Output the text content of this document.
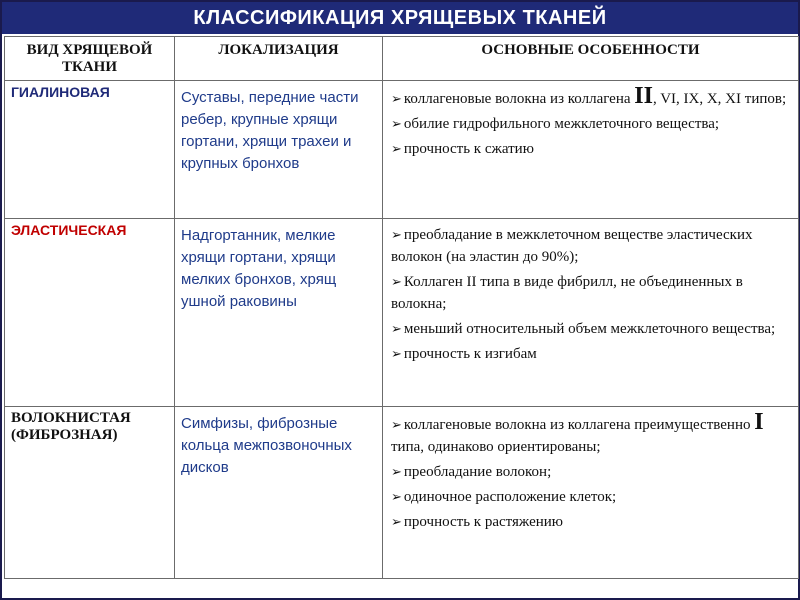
КЛАССИФИКАЦИЯ ХРЯЩЕВЫХ ТКАНЕЙ
ВИД ХРЯЩЕВОЙ ТКАНИ	ЛОКАЛИЗАЦИЯ	ОСНОВНЫЕ ОСОБЕННОСТИ
ГИАЛИНОВАЯ	Суставы, передние части ребер, крупные хрящи гортани, хрящи трахеи и крупных бронхов	➢ коллагеновые волокна из коллагена II, VI, IX, X, XI типов;
➢ обилие гидрофильного межклеточного вещества;
➢ прочность к сжатию

ЭЛАСТИЧЕСКАЯ	Надгортанник, мелкие хрящи гортани, хрящи мелких бронхов, хрящ ушной раковины	➢ преобладание в межклеточном веществе эластических волокон (на эластин до 90%);
➢ Коллаген II типа в виде фибрилл, не объединенных в волокна;
➢ меньший относительный объем межклеточного вещества;
➢ прочность к изгибам

ВОЛОКНИСТАЯ (ФИБРОЗНАЯ)	Симфизы, фиброзные кольца межпозвоночных дисков	➢ коллагеновые волокна из коллагена преимущественно I типа, одинаково ориентированы;
➢ преобладание волокон;
➢ одиночное расположение клеток;
➢ прочность к растяжению
